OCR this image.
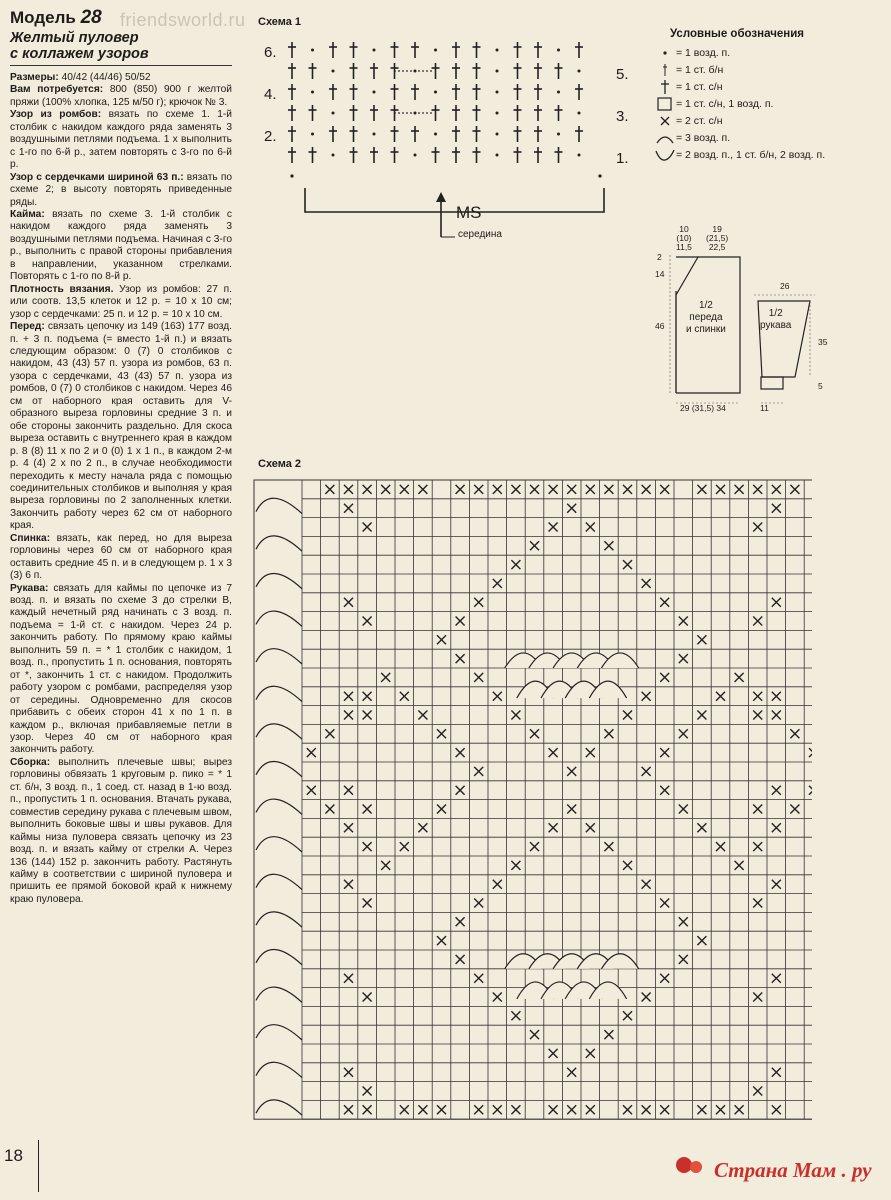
friendsworld.ru
Модель 28
Желтый пуловер
с коллажем узоров

Размеры: 40/42 (44/46) 50/52

Вам потребуется: 800 (850) 900 г желтой пряжи (100% хлопка, 125 м/50 г); крючок № 3.

Узор из ромбов: вязать по схеме 1. 1-й столбик с накидом каждого ряда заменять 3 воздушными петлями подъема. 1 х выполнить с 1-го по 6-й р., затем повторять с 3-го по 6-й р.

Узор с сердечками шириной 63 п.: вязать по схеме 2; в высоту повторять приведенные ряды.

Кайма: вязать по схеме 3. 1-й столбик с накидом каждого ряда заменять 3 воздушными петлями подъема. Начиная с 3-го р., выполнить с правой стороны прибавления в направлении, указанном стрелками. Повторять с 1-го по 8-й р.

Плотность вязания. Узор из ромбов: 27 п. или соотв. 13,5 клеток и 12 р. = 10 х 10 см; узор с сердечками: 25 п. и 12 р. = 10 х 10 см.

Перед: связать цепочку из 149 (163) 177 возд. п. + 3 п. подъема (= вместо 1-й п.) и вязать следующим образом: 0 (7) 0 столбиков с накидом, 43 (43) 57 п. узора из ромбов, 63 п. узора с сердечками, 43 (43) 57 п. узора из ромбов, 0 (7) 0 столбиков с накидом. Через 46 см от наборного края оставить для V-образного выреза горловины средние 3 п. и обе стороны закончить раздельно. Для скоса выреза оставить с внутреннего края в каждом р. 8 (8) 11 х по 2 и 0 (0) 1 х 1 п., в каждом 2-м р. 4 (4) 2 х по 2 п., в случае необходимости переходить к месту начала ряда с помощью соединительных столбиков и выполняя у края выреза горловины по 2 заполненных клетки. Закончить работу через 62 см от наборного края.

Спинка: вязать, как перед, но для выреза горловины через 60 см от наборного края оставить средние 45 п. и в следующем р. 1 х 3 (3) 6 п.

Рукава: связать для каймы по цепочке из 7 возд. п. и вязать по схеме 3 до стрелки В, каждый нечетный ряд начинать с 3 возд. п. подъема = 1-й ст. с накидом. Через 24 р. закончить работу. По прямому краю каймы выполнить 59 п. = * 1 столбик с накидом, 1 возд. п., пропустить 1 п. основания, повторять от *, закончить 1 ст. с накидом. Продолжить работу узором с ромбами, распределяя узор от середины. Одновременно для скосов прибавить с обеих сторон 41 х по 1 п. в каждом р., включая прибавляемые петли в узор. Через 40 см от наборного края закончить работу.

Сборка: выполнить плечевые швы; вырез горловины обвязать 1 круговым р. пико = * 1 ст. б/н, 3 возд. п., 1 соед. ст. назад в 1-ю возд. п., пропустить 1 п. основания. Втачать рукава, совместив середину рукава с плечевым швом, выполнить боковые швы и швы рукавов. Для каймы низа пуловера связать цепочку из 23 возд. п. и вязать кайму от стрелки А. Через 136 (144) 152 р. закончить работу. Растянуть кайму в соответствии с шириной пуловера и пришить ее прямой боковой край к нижнему краю пуловера.

Схема 1
6.
4.
2.
5.
3.
1.
MS
середина
Условные обозначения
= 1 возд. п.
= 1 ст. б/н
= 1 ст. с/н
= 1 ст. с/н, 1 возд. п.
= 2 ст. с/н
= 3 возд. п.
= 2 возд. п., 1 ст. б/н, 2 возд. п.
10
(10)
11,5
19
(21,5)
22,5
2
14
46
1/2
переда
и спинки
29 (31,5) 34
26
1/2
рукава
35
5
11
Схема 2
18
Страна Мам . ру
